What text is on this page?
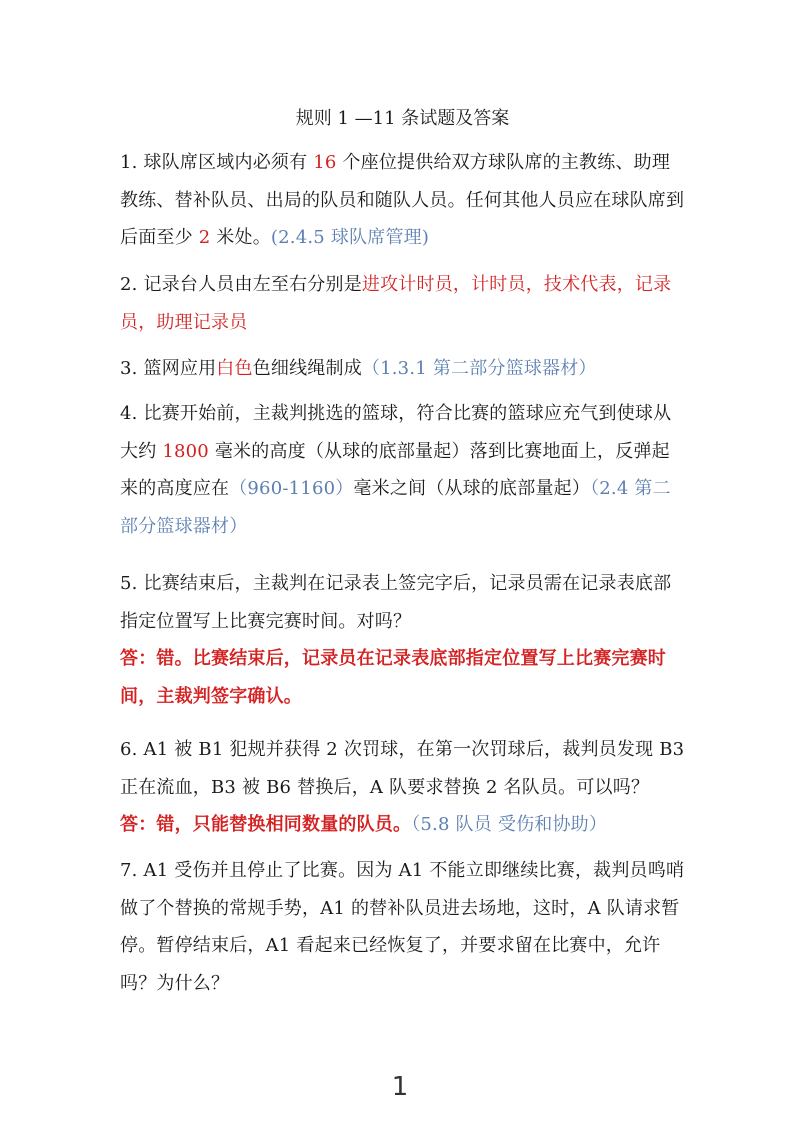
规则 1 —11 条试题及答案
1. 球队席区域内必须有 16 个座位提供给双方球队席的主教练、助理教练、替补队员、出局的队员和随队人员。任何其他人员应在球队席到后面至少 2 米处。(2.4.5 球队席管理)
2. 记录台人员由左至右分别是进攻计时员，计时员，技术代表，记录员，助理记录员
3. 篮网应用白色色细线绳制成（1.3.1 第二部分篮球器材）
4. 比赛开始前，主裁判挑选的篮球，符合比赛的篮球应充气到使球从大约 1800 毫米的高度（从球的底部量起）落到比赛地面上，反弹起来的高度应在（960-1160）毫米之间（从球的底部量起）（2.4 第二部分篮球器材）
5. 比赛结束后，主裁判在记录表上签完字后，记录员需在记录表底部指定位置写上比赛完赛时间。对吗？
答：错。比赛结束后，记录员在记录表底部指定位置写上比赛完赛时间，主裁判签字确认。
6. A1 被 B1 犯规并获得 2 次罚球，在第一次罚球后，裁判员发现 B3 正在流血，B3 被 B6 替换后，A 队要求替换 2 名队员。可以吗？
答：错，只能替换相同数量的队员。（5.8 队员 受伤和协助）
7. A1 受伤并且停止了比赛。因为 A1 不能立即继续比赛，裁判员鸣哨做了个替换的常规手势，A1 的替补队员进去场地，这时，A 队请求暂停。暂停结束后，A1 看起来已经恢复了，并要求留在比赛中，允许吗？为什么？
1
